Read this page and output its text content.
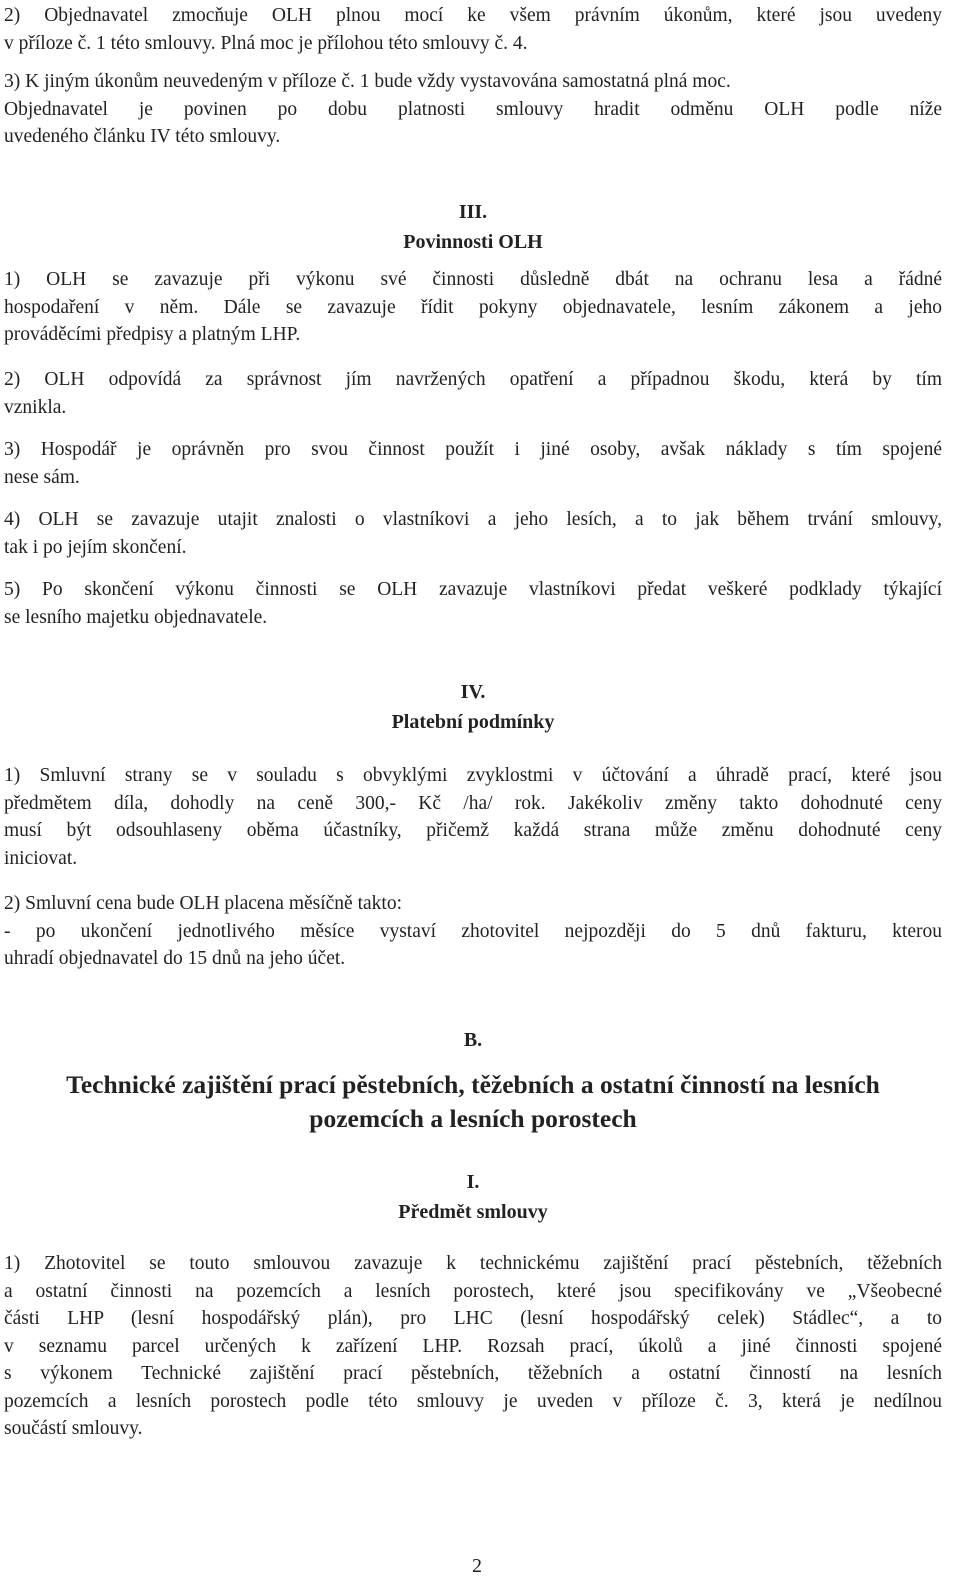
2) Objednavatel zmocňuje OLH plnou mocí ke všem právním úkonům, které jsou uvedeny
v příloze č. 1 této smlouvy. Plná moc je přílohou této smlouvy č. 4.
3) K jiným úkonům neuvedeným v příloze č. 1 bude vždy vystavována samostatná plná moc.
Objednavatel je povinen po dobu platnosti smlouvy hradit odměnu OLH podle níže
uvedeného článku IV této smlouvy.
III.
Povinnosti OLH
1) OLH se zavazuje při výkonu své činnosti důsledně dbát na ochranu lesa a řádné
hospodaření v něm. Dále se zavazuje řídit pokyny objednavatele, lesním zákonem a jeho
prováděcími předpisy a platným LHP.
2) OLH odpovídá za správnost jím navržených opatření a případnou škodu, která by tím
vznikla.
3) Hospodář je oprávněn pro svou činnost použít i jiné osoby, avšak náklady s tím spojené
nese sám.
4) OLH se zavazuje utajit znalosti o vlastníkovi a jeho lesích, a to jak během trvání smlouvy,
tak i po jejím skončení.
5) Po skončení výkonu činnosti se OLH zavazuje vlastníkovi předat veškeré podklady týkající
se lesního majetku objednavatele.
IV.
Platební podmínky
1) Smluvní strany se v souladu s obvyklými zvyklostmi v účtování a úhradě prací, které jsou
předmětem díla, dohodly na ceně 300,- Kč /ha/ rok. Jakékoliv změny takto dohodnuté ceny
musí být odsouhlaseny oběma účastníky, přičemž každá strana může změnu dohodnuté ceny
iniciovat.
2) Smluvní cena bude OLH placena měsíčně takto:
- po ukončení jednotlivého měsíce vystaví zhotovitel nejpozději do 5 dnů fakturu, kterou
uhradí objednavatel do 15 dnů na jeho účet.
B.
Technické zajištění prací pěstebních, těžebních a ostatní činností na lesních
pozemcích a lesních porostech
I.
Předmět smlouvy
1) Zhotovitel se touto smlouvou zavazuje k technickému zajištění prací pěstebních, těžebních
a ostatní činnosti na pozemcích a lesních porostech, které jsou specifikovány ve „Všeobecné
části LHP (lesní hospodářský plán), pro LHC (lesní hospodářský celek) Stádlec“, a to
v seznamu parcel určených k zařízení LHP. Rozsah prací, úkolů a jiné činnosti spojené
s výkonem Technické zajištění prací pěstebních, těžebních a ostatní činností na lesních
pozemcích a lesních porostech podle této smlouvy je uveden v příloze č. 3, která je nedílnou
součástí smlouvy.
2
